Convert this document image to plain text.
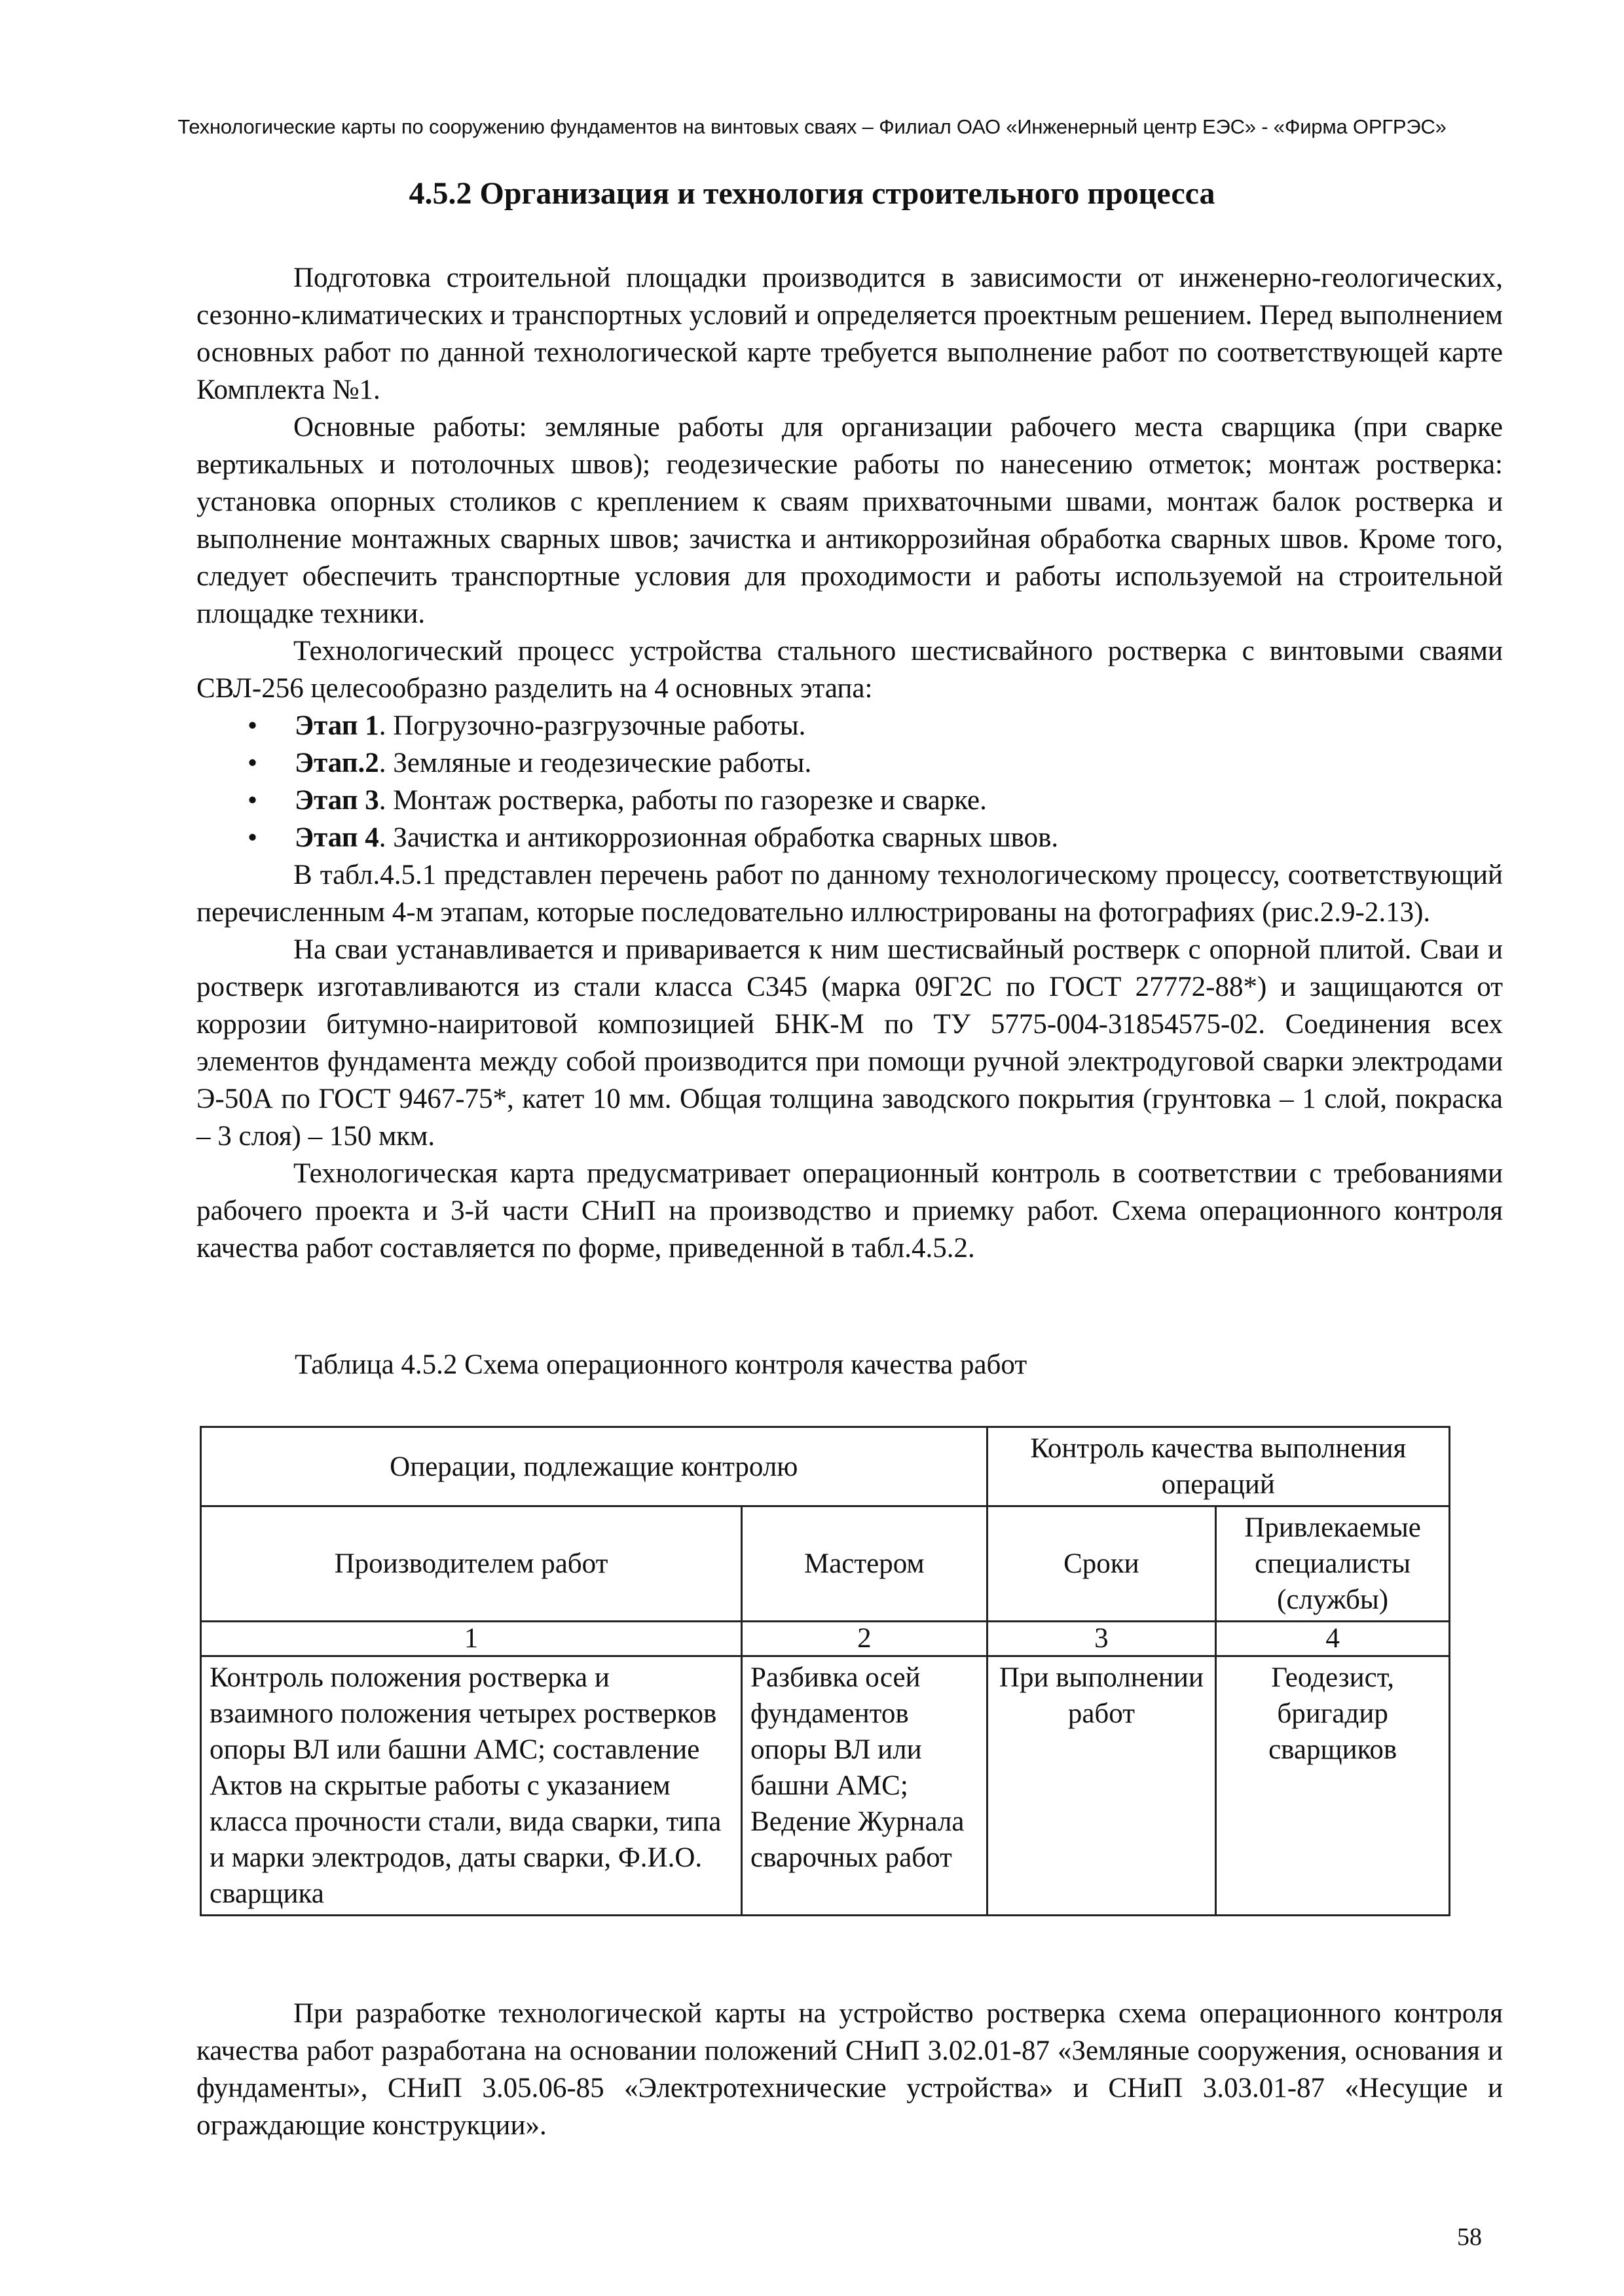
Технологические карты по сооружению фундаментов на винтовых сваях – Филиал ОАО «Инженерный центр ЕЭС» - «Фирма ОРГРЭС»
4.5.2 Организация и технология строительного процесса

Подготовка строительной площадки производится в зависимости от инженерно-геологических, сезонно-климатических и транспортных условий и определяется проектным решением. Перед выполнением основных работ по данной технологической карте требуется выполнение работ по соответствующей карте Комплекта №1.

Основные работы: земляные работы для организации рабочего места сварщика (при сварке вертикальных и потолочных швов); геодезические работы по нанесению отметок; монтаж ростверка: установка опорных столиков с креплением к сваям прихваточными швами, монтаж балок ростверка и выполнение монтажных сварных швов; зачистка и антикоррозийная обработка сварных швов. Кроме того, следует обеспечить транспортные условия для проходимости и работы используемой на строительной площадке техники.

Технологический процесс устройства стального шестисвайного ростверка с винтовыми сваями СВЛ-256 целесообразно разделить на 4 основных этапа:

• Этап 1. Погрузочно-разгрузочные работы.
• Этап.2. Земляные и геодезические работы.
• Этап 3. Монтаж ростверка, работы по газорезке и сварке.
• Этап 4. Зачистка и антикоррозионная обработка сварных швов.

В табл.4.5.1 представлен перечень работ по данному технологическому процессу, соответствующий перечисленным 4-м этапам, которые последовательно иллюстрированы на фотографиях (рис.2.9-2.13).

На сваи устанавливается и приваривается к ним шестисвайный ростверк с опорной плитой. Сваи и ростверк изготавливаются из стали класса С345 (марка 09Г2С по ГОСТ 27772-88*) и защищаются от коррозии битумно-наиритовой композицией БНК-М по ТУ 5775-004-31854575-02. Соединения всех элементов фундамента между собой производится при помощи ручной электродуговой сварки электродами Э-50А по ГОСТ 9467-75*, катет 10 мм. Общая толщина заводского покрытия (грунтовка – 1 слой, покраска – 3 слоя) – 150 мкм.

Технологическая карта предусматривает операционный контроль в соответствии с требованиями рабочего проекта и 3-й части СНиП на производство и приемку работ. Схема операционного контроля качества работ составляется по форме, приведенной в табл.4.5.2.

Таблица 4.5.2 Схема операционного контроля качества работ
Операции, подлежащие контролю		Контроль качества выполнения операций	
Производителем работ	Мастером	Сроки	Привлекаемые специалисты (службы)
1	2	3	4
Контроль положения ростверка и взаимного положения четырех ростверков опоры ВЛ или башни АМС; составление Актов на скрытые работы с указанием класса прочности стали, вида сварки, типа и марки электродов, даты сварки, Ф.И.О. сварщика	Разбивка осей фундаментов опоры ВЛ или башни АМС; Ведение Журнала сварочных работ	При выполнении работ	Геодезист, бригадир сварщиков

При разработке технологической карты на устройство ростверка схема операционного контроля качества работ разработана на основании положений СНиП 3.02.01-87 «Земляные сооружения, основания и фундаменты», СНиП 3.05.06-85 «Электротехнические устройства» и СНиП 3.03.01-87 «Несущие и ограждающие конструкции».

58
